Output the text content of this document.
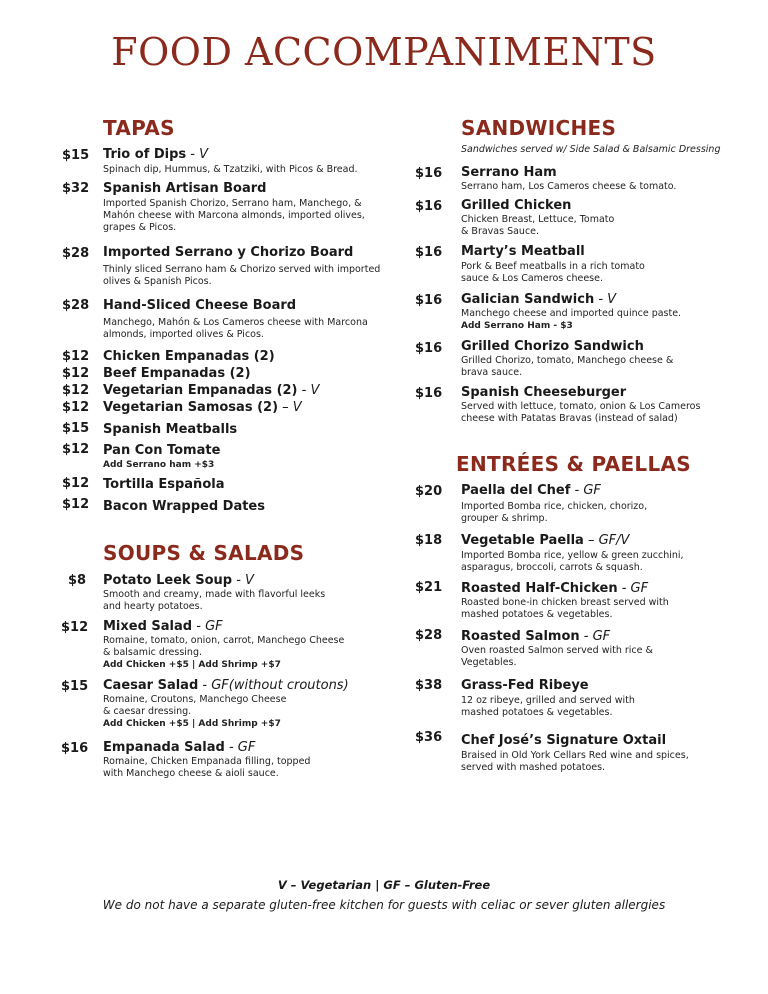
FOOD ACCOMPANIMENTS
TAPAS
$15 Trio of Dips - V
Spinach dip, Hummus, & Tzatziki, with Picos & Bread.
$32 Spanish Artisan Board
Imported Spanish Chorizo, Serrano ham, Manchego, &
Mahón cheese with Marcona almonds, imported olives,
grapes & Picos.
$28 Imported Serrano y Chorizo Board
Thinly sliced Serrano ham & Chorizo served with imported
olives & Spanish Picos.
$28 Hand-Sliced Cheese Board
Manchego, Mahón & Los Cameros cheese with Marcona
almonds, imported olives & Picos.
$12 Chicken Empanadas (2)
$12 Beef Empanadas (2)
$12 Vegetarian Empanadas (2) - V
$12 Vegetarian Samosas (2) – V
$15 Spanish Meatballs
$12 Pan Con Tomate
Add Serrano ham +$3
$12 Tortilla Española
$12 Bacon Wrapped Dates
SOUPS & SALADS
$8 Potato Leek Soup - V
Smooth and creamy, made with flavorful leeks
and hearty potatoes.
$12 Mixed Salad - GF
Romaine, tomato, onion, carrot, Manchego Cheese
& balsamic dressing.
Add Chicken +$5 | Add Shrimp +$7
$15 Caesar Salad - GF(without croutons)
Romaine, Croutons, Manchego Cheese
& caesar dressing.
Add Chicken +$5 | Add Shrimp +$7
$16 Empanada Salad - GF
Romaine, Chicken Empanada filling, topped
with Manchego cheese & aioli sauce.
SANDWICHES
Sandwiches served w/ Side Salad & Balsamic Dressing
$16 Serrano Ham
Serrano ham, Los Cameros cheese & tomato.
$16 Grilled Chicken
Chicken Breast, Lettuce, Tomato
& Bravas Sauce.
$16 Marty’s Meatball
Pork & Beef meatballs in a rich tomato
sauce & Los Cameros cheese.
$16 Galician Sandwich - V
Manchego cheese and imported quince paste.
Add Serrano Ham - $3
$16 Grilled Chorizo Sandwich
Grilled Chorizo, tomato, Manchego cheese &
brava sauce.
$16 Spanish Cheeseburger
Served with lettuce, tomato, onion & Los Cameros
cheese with Patatas Bravas (instead of salad)
ENTRÉES & PAELLAS
$20 Paella del Chef - GF
Imported Bomba rice, chicken, chorizo,
grouper & shrimp.
$18 Vegetable Paella – GF/V
Imported Bomba rice, yellow & green zucchini,
asparagus, broccoli, carrots & squash.
$21 Roasted Half-Chicken - GF
Roasted bone-in chicken breast served with
mashed potatoes & vegetables.
$28 Roasted Salmon - GF
Oven roasted Salmon served with rice &
Vegetables.
$38 Grass-Fed Ribeye
12 oz ribeye, grilled and served with
mashed potatoes & vegetables.
$36 Chef José’s Signature Oxtail
Braised in Old York Cellars Red wine and spices,
served with mashed potatoes.
V – Vegetarian | GF – Gluten-Free
We do not have a separate gluten-free kitchen for guests with celiac or sever gluten allergies
